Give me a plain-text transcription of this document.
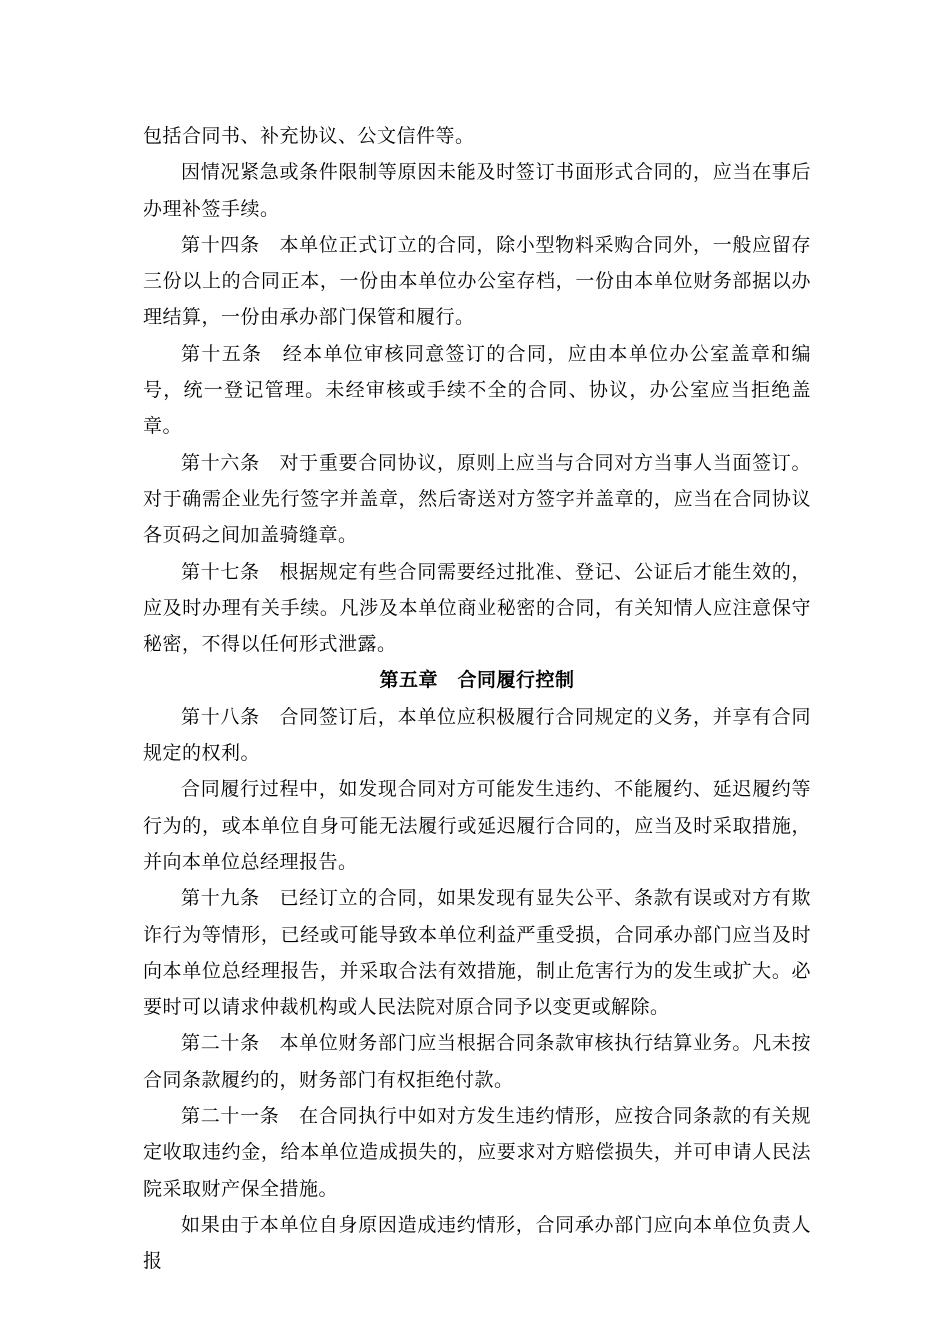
包括合同书、补充协议、公文信件等。

因情况紧急或条件限制等原因未能及时签订书面形式合同的，应当在事后办理补签手续。

第十四条　本单位正式订立的合同，除小型物料采购合同外，一般应留存三份以上的合同正本，一份由本单位办公室存档，一份由本单位财务部据以办理结算，一份由承办部门保管和履行。

第十五条　经本单位审核同意签订的合同，应由本单位办公室盖章和编号，统一登记管理。未经审核或手续不全的合同、协议，办公室应当拒绝盖章。

第十六条　对于重要合同协议，原则上应当与合同对方当事人当面签订。对于确需企业先行签字并盖章，然后寄送对方签字并盖章的，应当在合同协议各页码之间加盖骑缝章。

第十七条　根据规定有些合同需要经过批准、登记、公证后才能生效的，应及时办理有关手续。凡涉及本单位商业秘密的合同，有关知情人应注意保守秘密，不得以任何形式泄露。

第五章　合同履行控制

第十八条　合同签订后，本单位应积极履行合同规定的义务，并享有合同规定的权利。

合同履行过程中，如发现合同对方可能发生违约、不能履约、延迟履约等行为的，或本单位自身可能无法履行或延迟履行合同的，应当及时采取措施，并向本单位总经理报告。

第十九条　已经订立的合同，如果发现有显失公平、条款有误或对方有欺诈行为等情形，已经或可能导致本单位利益严重受损，合同承办部门应当及时向本单位总经理报告，并采取合法有效措施，制止危害行为的发生或扩大。必要时可以请求仲裁机构或人民法院对原合同予以变更或解除。

第二十条　本单位财务部门应当根据合同条款审核执行结算业务。凡未按合同条款履约的，财务部门有权拒绝付款。

第二十一条　在合同执行中如对方发生违约情形，应按合同条款的有关规定收取违约金，给本单位造成损失的，应要求对方赔偿损失，并可申请人民法院采取财产保全措施。

如果由于本单位自身原因造成违约情形，合同承办部门应向本单位负责人报
